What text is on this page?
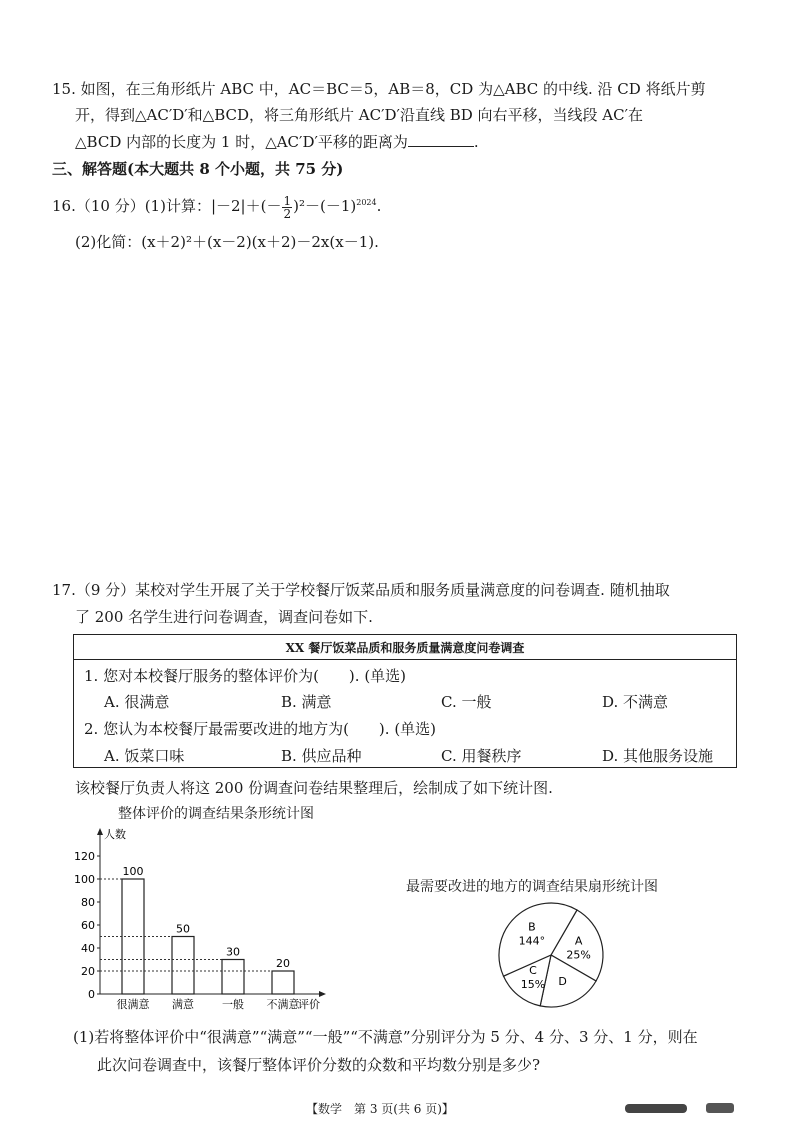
15. 如图，在三角形纸片 ABC 中，AC＝BC＝5，AB＝8，CD 为△ABC 的中线. 沿 CD 将纸片剪
开，得到△AC′D′和△BCD，将三角形纸片 AC′D′沿直线 BD 向右平移，当线段 AC′在
△BCD 内部的长度为 1 时，△AC′D′平移的距离为	.
三、解答题(本大题共 8 个小题，共 75 分)
16.（10 分）(1)计算：$|-2|+(- \frac{1}{2} )^2-(-1)^{2024}$.
(2)化简：(x＋2)²＋(x－2)(x＋2)－2x(x－1).
17.（9 分）某校对学生开展了关于学校餐厅饭菜品质和服务质量满意度的问卷调查. 随机抽取
了 200 名学生进行问卷调查，调查问卷如下.
XX 餐厅饭菜品质和服务质量满意度问卷调查
1. 您对本校餐厅服务的整体评价为(　　). (单选)
A. 很满意	B. 满意	C. 一般	D. 不满意
2. 您认为本校餐厅最需要改进的地方为(　　). (单选)
A. 饭菜口味	B. 供应品种	C. 用餐秩序	D. 其他服务设施
该校餐厅负责人将这 200 份调查问卷结果整理后，绘制成了如下统计图.
整体评价的调查结果条形统计图
人数
评价
0
20
40
60
80
100
120
100
很满意
50
满意
30
一般
20
不满意
最需要改进的地方的调查结果扇形统计图
A
25%
D
C
15%
B
144°
(1)若将整体评价中“很满意”“满意”“一般”“不满意”分别评分为 5 分、4 分、3 分、1 分，则在
此次问卷调查中，该餐厅整体评价分数的众数和平均数分别是多少?
【数学　第 3 页(共 6 页)】
